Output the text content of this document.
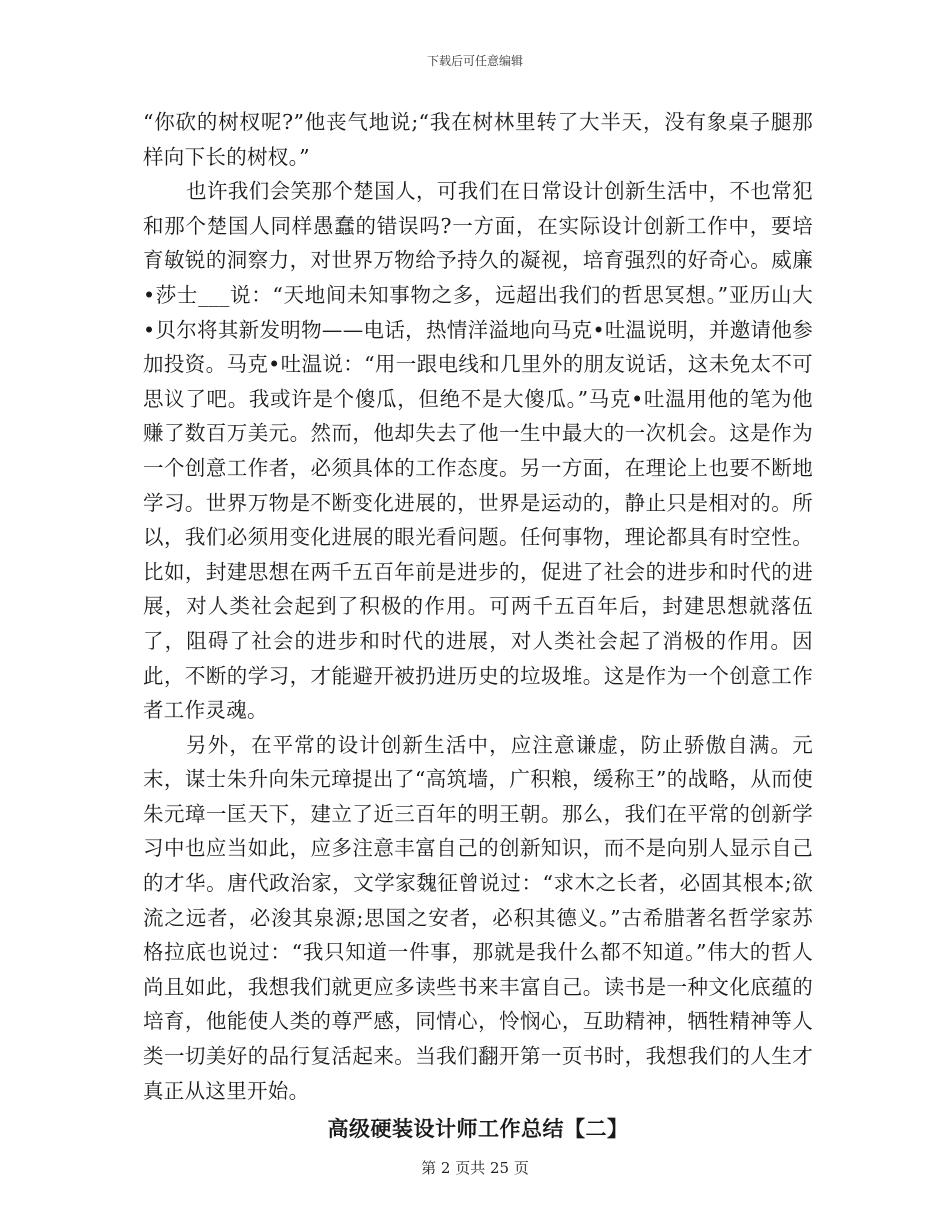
下载后可任意编辑

“你砍的树杈呢?”他丧气地说;“我在树林里转了大半天，没有象桌子腿那样向下长的树杈。”

也许我们会笑那个楚国人，可我们在日常设计创新生活中，不也常犯和那个楚国人同样愚蠢的错误吗?一方面，在实际设计创新工作中，要培育敏锐的洞察力，对世界万物给予持久的凝视，培育强烈的好奇心。威廉•莎士___说：“天地间未知事物之多，远超出我们的哲思冥想。”亚历山大•贝尔将其新发明物——电话，热情洋溢地向马克•吐温说明，并邀请他参加投资。马克•吐温说：“用一跟电线和几里外的朋友说话，这未免太不可思议了吧。我或许是个傻瓜，但绝不是大傻瓜。”马克•吐温用他的笔为他赚了数百万美元。然而，他却失去了他一生中最大的一次机会。这是作为一个创意工作者，必须具体的工作态度。另一方面，在理论上也要不断地学习。世界万物是不断变化进展的，世界是运动的，静止只是相对的。所以，我们必须用变化进展的眼光看问题。任何事物，理论都具有时空性。比如，封建思想在两千五百年前是进步的，促进了社会的进步和时代的进展，对人类社会起到了积极的作用。可两千五百年后，封建思想就落伍了，阻碍了社会的进步和时代的进展，对人类社会起了消极的作用。因此，不断的学习，才能避开被扔进历史的垃圾堆。这是作为一个创意工作者工作灵魂。

另外，在平常的设计创新生活中，应注意谦虚，防止骄傲自满。元末，谋士朱升向朱元璋提出了“高筑墙，广积粮，缓称王”的战略，从而使朱元璋一匡天下，建立了近三百年的明王朝。那么，我们在平常的创新学习中也应当如此，应多注意丰富自己的创新知识，而不是向别人显示自己的才华。唐代政治家，文学家魏征曾说过：“求木之长者，必固其根本;欲流之远者，必浚其泉源;思国之安者，必积其德义。”古希腊著名哲学家苏格拉底也说过：“我只知道一件事，那就是我什么都不知道。”伟大的哲人尚且如此，我想我们就更应多读些书来丰富自己。读书是一种文化底蕴的培育，他能使人类的尊严感，同情心，怜悯心，互助精神，牺牲精神等人类一切美好的品行复活起来。当我们翻开第一页书时，我想我们的人生才真正从这里开始。

高级硬装设计师工作总结【二】
第 2 页共 25 页
